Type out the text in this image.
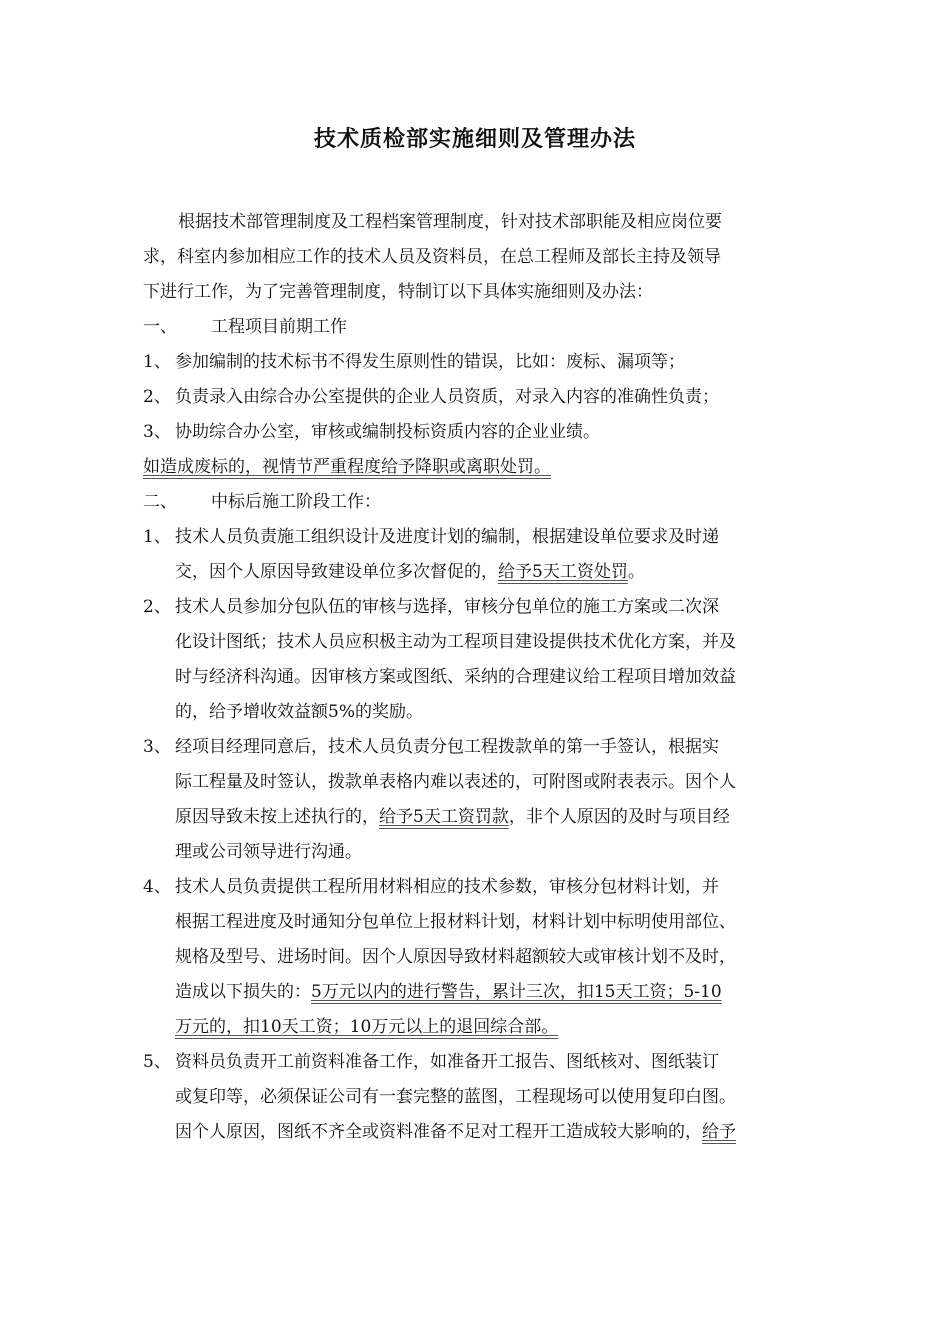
技术质检部实施细则及管理办法
根据技术部管理制度及工程档案管理制度，针对技术部职能及相应岗位要
求，科室内参加相应工作的技术人员及资料员，在总工程师及部长主持及领导
下进行工作，为了完善管理制度，特制订以下具体实施细则及办法：
一、 工程项目前期工作
1、 参加编制的技术标书不得发生原则性的错误，比如：废标、漏项等；
2、 负责录入由综合办公室提供的企业人员资质，对录入内容的准确性负责；
3、 协助综合办公室，审核或编制投标资质内容的企业业绩。
如造成废标的，视情节严重程度给予降职或离职处罚。
二、 中标后施工阶段工作：
1、 技术人员负责施工组织设计及进度计划的编制，根据建设单位要求及时递
交，因个人原因导致建设单位多次督促的，给予5天工资处罚。
2、 技术人员参加分包队伍的审核与选择，审核分包单位的施工方案或二次深
化设计图纸；技术人员应积极主动为工程项目建设提供技术优化方案，并及
时与经济科沟通。因审核方案或图纸、采纳的合理建议给工程项目增加效益
的，给予增收效益额5%的奖励。
3、 经项目经理同意后，技术人员负责分包工程拨款单的第一手签认，根据实
际工程量及时签认，拨款单表格内难以表述的，可附图或附表表示。因个人
原因导致未按上述执行的，给予5天工资罚款，非个人原因的及时与项目经
理或公司领导进行沟通。
4、 技术人员负责提供工程所用材料相应的技术参数，审核分包材料计划，并
根据工程进度及时通知分包单位上报材料计划，材料计划中标明使用部位、
规格及型号、进场时间。因个人原因导致材料超额较大或审核计划不及时，
造成以下损失的：5万元以内的进行警告，累计三次，扣15天工资；5-10
万元的，扣10天工资；10万元以上的退回综合部。
5、 资料员负责开工前资料准备工作，如准备开工报告、图纸核对、图纸装订
或复印等，必须保证公司有一套完整的蓝图，工程现场可以使用复印白图。
因个人原因，图纸不齐全或资料准备不足对工程开工造成较大影响的，给予
